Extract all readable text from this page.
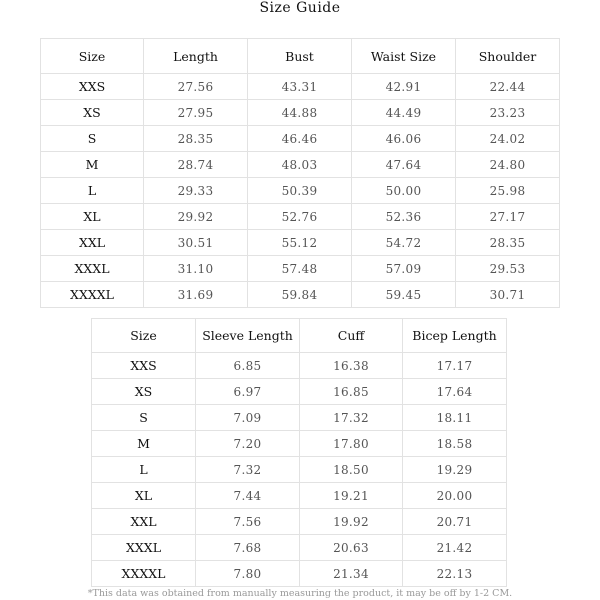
Size Guide
Size	Length	Bust	Waist Size	Shoulder
XXS	27.56	43.31	42.91	22.44
XS	27.95	44.88	44.49	23.23
S	28.35	46.46	46.06	24.02
M	28.74	48.03	47.64	24.80
L	29.33	50.39	50.00	25.98
XL	29.92	52.76	52.36	27.17
XXL	30.51	55.12	54.72	28.35
XXXL	31.10	57.48	57.09	29.53
XXXXL	31.69	59.84	59.45	30.71
Size	Sleeve Length	Cuff	Bicep Length
XXS	6.85	16.38	17.17
XS	6.97	16.85	17.64
S	7.09	17.32	18.11
M	7.20	17.80	18.58
L	7.32	18.50	19.29
XL	7.44	19.21	20.00
XXL	7.56	19.92	20.71
XXXL	7.68	20.63	21.42
XXXXL	7.80	21.34	22.13
*This data was obtained from manually measuring the product, it may be off by 1-2 CM.
